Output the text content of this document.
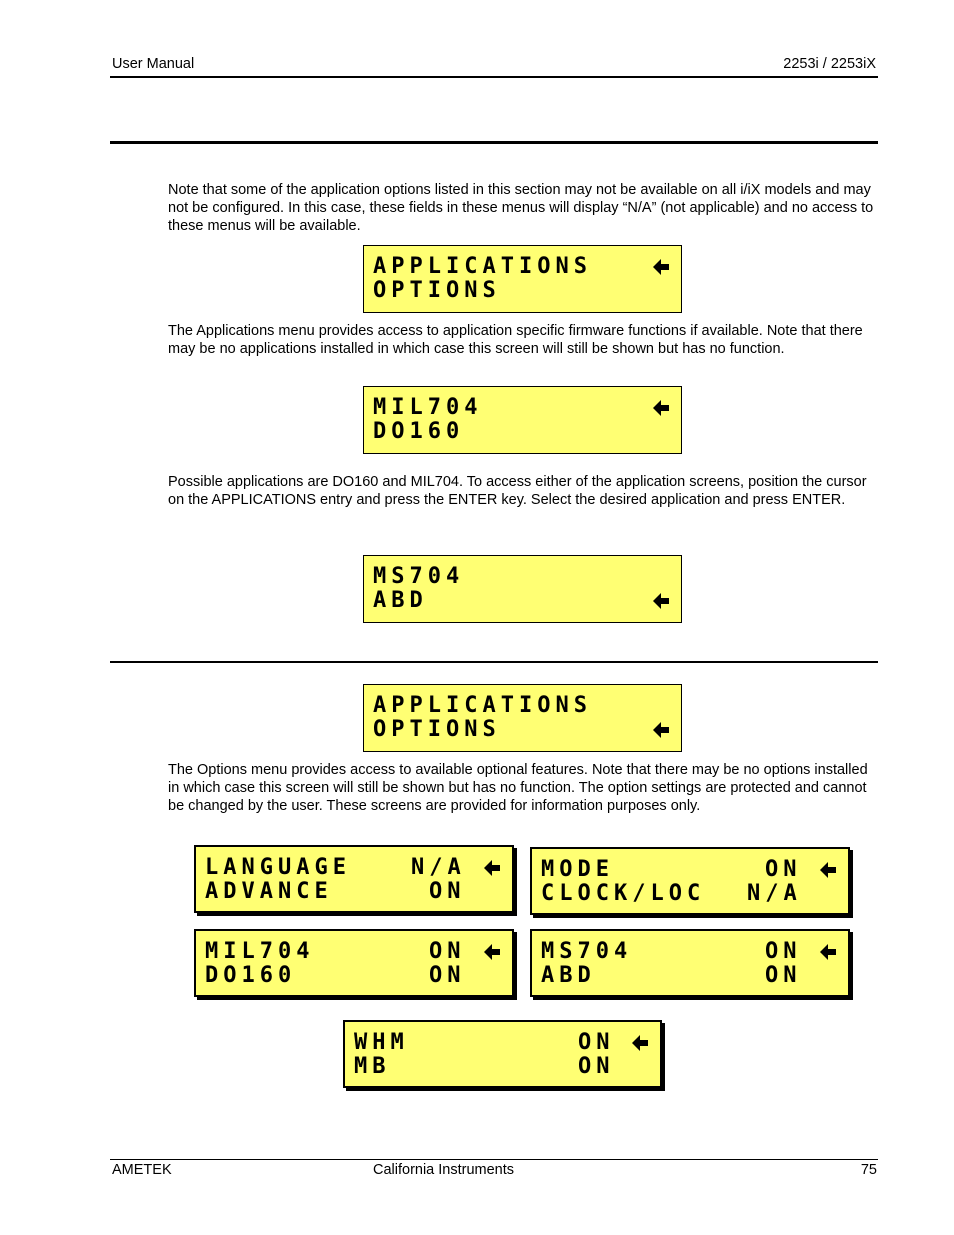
User Manual	2253i / 2253iX
Note that some of the application options listed in this section may not be available on all i/iX models and may not be configured. In this case, these fields in these menus will display “N/A” (not applicable) and no access to these menus will be available.
APPLICATIONS
OPTIONS
The Applications menu provides access to application specific firmware functions if available. Note that there may be no applications installed in which case this screen will still be shown but has no function.
MIL704
DO160
Possible applications are DO160 and MIL704. To access either of the application screens, position the cursor on the APPLICATIONS entry and press the ENTER key. Select the desired application and press ENTER.
MS704
ABD
APPLICATIONS
OPTIONS
The Options menu provides access to available optional features. Note that there may be no options installed in which case this screen will still be shown but has no function. The option settings are protected and cannot be changed by the user. These screens are provided for information purposes only.
LANGUAGE	N/A
ADVANCE	ON
MODE	ON
CLOCK/LOC N/A
MIL704	ON
DO160	ON
MS704	ON
ABD	ON
WHM	ON
MB	ON
AMETEK	California Instruments	75
